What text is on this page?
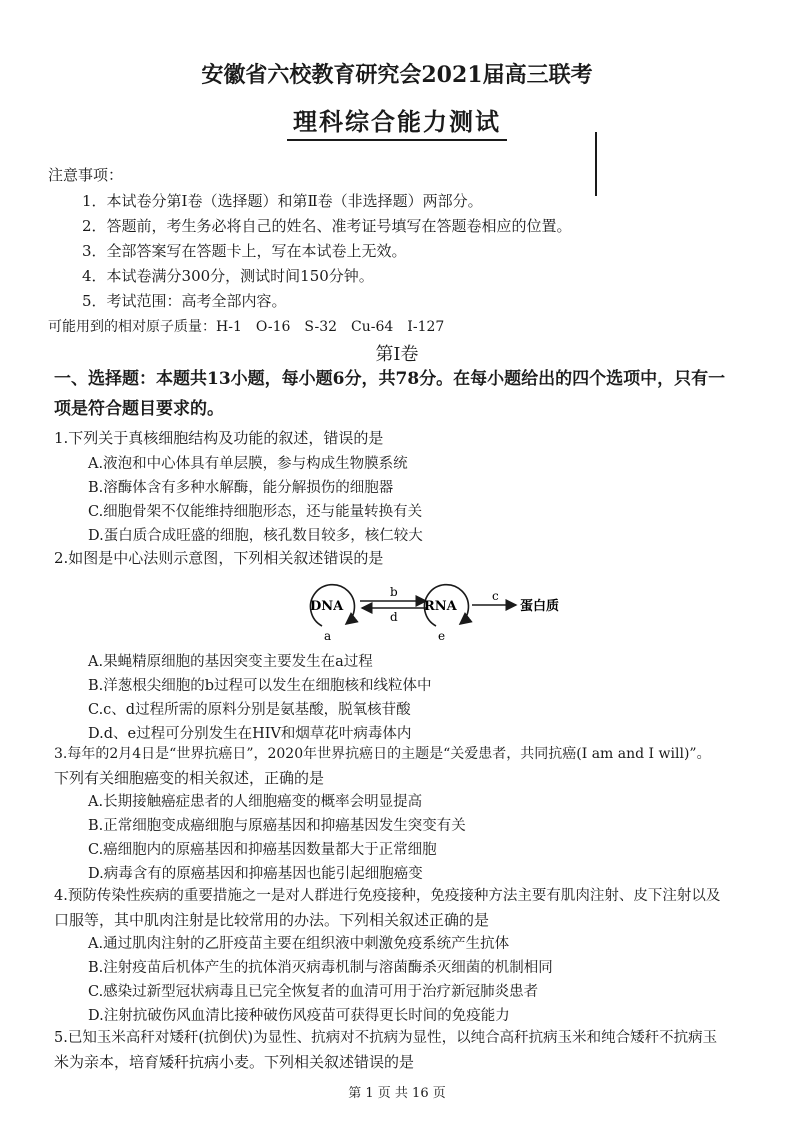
安徽省六校教育研究会2021届高三联考
理科综合能力测试
注意事项：
1．本试卷分第Ⅰ卷（选择题）和第Ⅱ卷（非选择题）两部分。
2．答题前，考生务必将自己的姓名、准考证号填写在答题卷相应的位置。
3．全部答案写在答题卡上，写在本试卷上无效。
4．本试卷满分300分，测试时间150分钟。
5．考试范围：高考全部内容。
可能用到的相对原子质量：H-1　O-16　S-32　Cu-64　I-127
第Ⅰ卷
一、选择题：本题共13小题，每小题6分，共78分。在每小题给出的四个选项中，只有一
项是符合题目要求的。
1.下列关于真核细胞结构及功能的叙述，错误的是
A.液泡和中心体具有单层膜，参与构成生物膜系统
B.溶酶体含有多种水解酶，能分解损伤的细胞器
C.细胞骨架不仅能维持细胞形态，还与能量转换有关
D.蛋白质合成旺盛的细胞，核孔数目较多，核仁较大
2.如图是中心法则示意图，下列相关叙述错误的是
DNA
b
d
RNA
c
蛋白质
a	e
A.果蝇精原细胞的基因突变主要发生在a过程
B.洋葱根尖细胞的b过程可以发生在细胞核和线粒体中
C.c、d过程所需的原料分别是氨基酸，脱氧核苷酸
D.d、e过程可分别发生在HIV和烟草花叶病毒体内
3.每年的2月4日是“世界抗癌日”，2020年世界抗癌日的主题是“关爱患者，共同抗癌(I am and I will)”。
下列有关细胞癌变的相关叙述，正确的是
A.长期接触癌症患者的人细胞癌变的概率会明显提高
B.正常细胞变成癌细胞与原癌基因和抑癌基因发生突变有关
C.癌细胞内的原癌基因和抑癌基因数量都大于正常细胞
D.病毒含有的原癌基因和抑癌基因也能引起细胞癌变
4.预防传染性疾病的重要措施之一是对人群进行免疫接种，免疫接种方法主要有肌肉注射、皮下注射以及
口服等，其中肌肉注射是比较常用的办法。下列相关叙述正确的是
A.通过肌肉注射的乙肝疫苗主要在组织液中刺激免疫系统产生抗体
B.注射疫苗后机体产生的抗体消灭病毒机制与溶菌酶杀灭细菌的机制相同
C.感染过新型冠状病毒且已完全恢复者的血清可用于治疗新冠肺炎患者
D.注射抗破伤风血清比接种破伤风疫苗可获得更长时间的免疫能力
5.已知玉米高秆对矮秆(抗倒伏)为显性、抗病对不抗病为显性，以纯合高秆抗病玉米和纯合矮秆不抗病玉
米为亲本，培育矮秆抗病小麦。下列相关叙述错误的是
第 1 页 共 16 页
